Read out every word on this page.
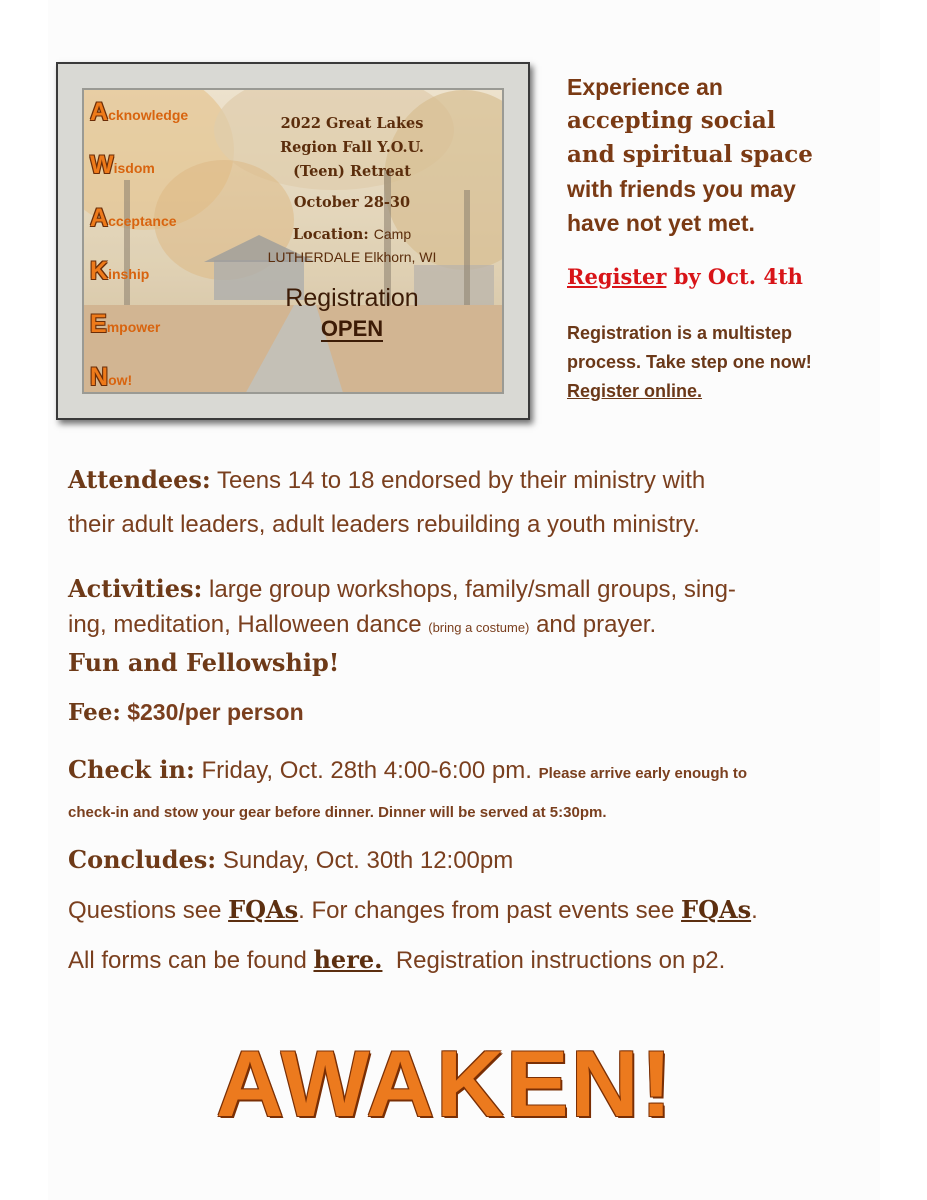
A cknowledge
W isdom
A cceptance
K inship
E mpower
N ow!
2022 Great Lakes
Region Fall Y.O.U.
(Teen) Retreat
October 28-30
Location: Camp
LUTHERDALE Elkhorn, WI
Registration
OPEN
Experience an
accepting social
and spiritual space
with friends you may
have not yet met.
Register by Oct. 4th
Registration is a multistep
process. Take step one now!
Register online.
Attendees: Teens 14 to 18 endorsed by their ministry with
their adult leaders, adult leaders rebuilding a youth ministry.
Activities: large group workshops, family/small groups, sing-
ing, meditation, Halloween dance (bring a costume) and prayer.
Fun and Fellowship!
Fee: $230/per person
Check in: Friday, Oct. 28th 4:00-6:00 pm. Please arrive early enough to
check-in and stow your gear before dinner. Dinner will be served at 5:30pm.
Concludes: Sunday, Oct. 30th 12:00pm
Questions see FQAs. For changes from past events see FQAs.
All forms can be found here. Registration instructions on p2.
AWAKEN!
